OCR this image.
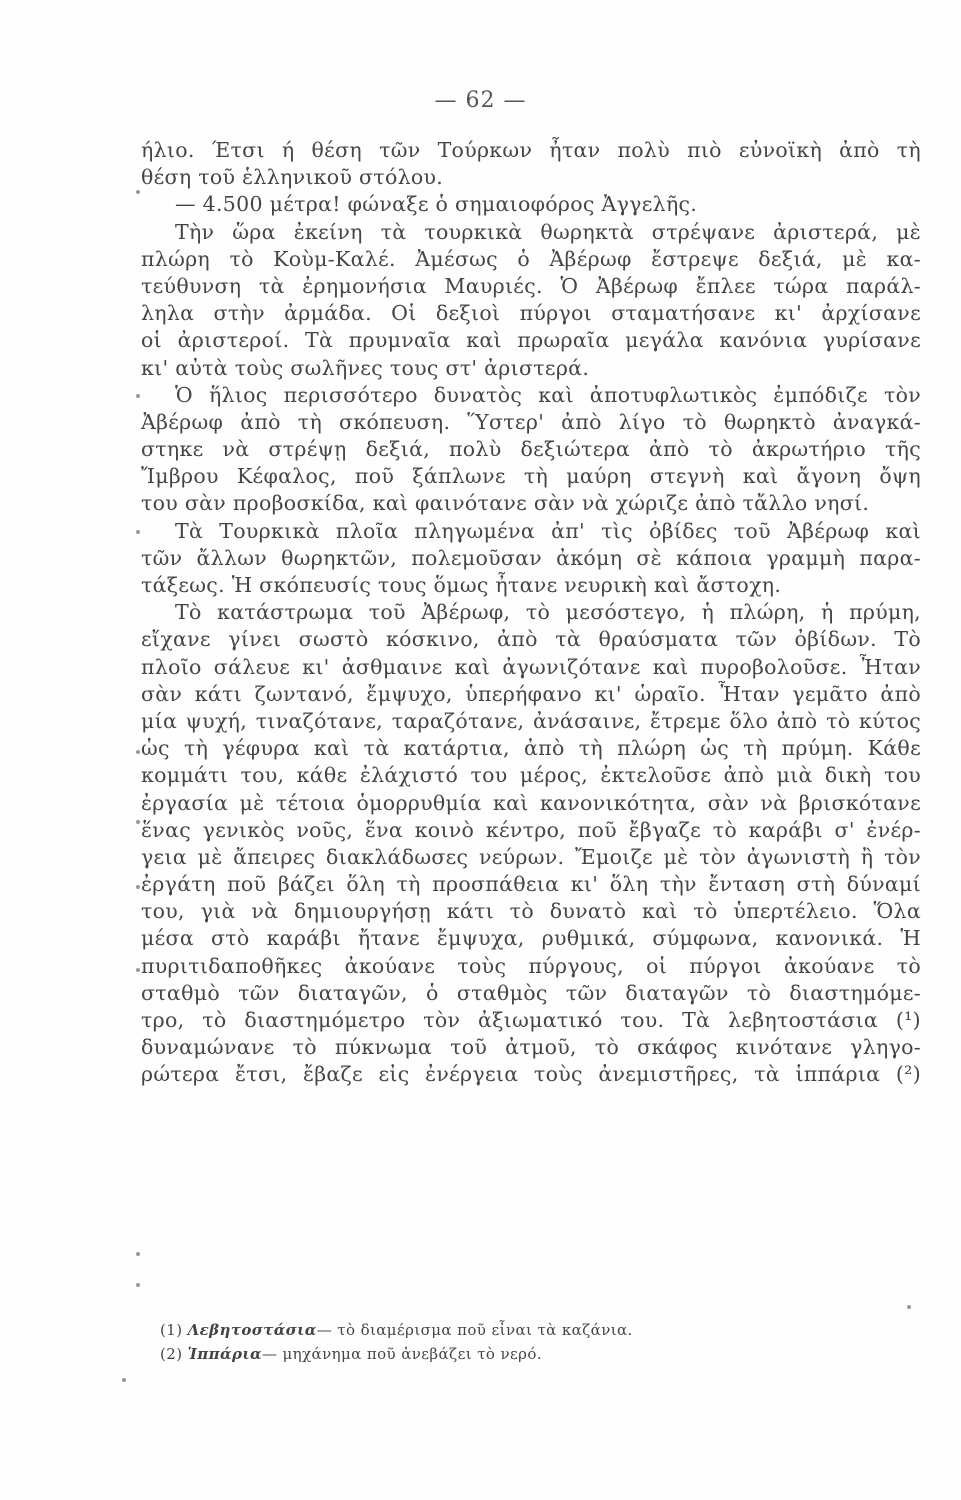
— 62 —
ήλιο. Έτσι ή θέση τῶν Τούρκων ἦταν πολὺ πιὸ εὐνοϊκὴ ἀπὸ τὴ
θέση τοῦ ἑλληνικοῦ στόλου.
— 4.500 μέτρα! φώναξε ὁ σημαιοφόρος Ἀγγελῆς.
Τὴν ὥρα ἐκείνη τὰ τουρκικὰ θωρηκτὰ στρέψανε ἀριστερά, μὲ
πλώρη τὸ Κοὺμ-Καλέ. Ἀμέσως ὁ Ἀβέρωφ ἔστρεψε δεξιά, μὲ κα-
τεύθυνση τὰ ἐρημονήσια Μαυριές. Ὁ Ἀβέρωφ ἔπλεε τώρα παράλ-
ληλα στὴν ἀρμάδα. Οἱ δεξιοὶ πύργοι σταματήσανε κι' ἀρχίσανε
οἱ ἀριστεροί. Τὰ πρυμναῖα καὶ πρωραῖα μεγάλα κανόνια γυρίσανε
κι' αὐτὰ τοὺς σωλῆνες τους στ' ἀριστερά.
Ὁ ἥλιος περισσότερο δυνατὸς καὶ ἀποτυφλωτικὸς ἐμπόδιζε τὸν
Ἀβέρωφ ἀπὸ τὴ σκόπευση. Ὕστερ' ἀπὸ λίγο τὸ θωρηκτὸ ἀναγκά-
στηκε νὰ στρέψῃ δεξιά, πολὺ δεξιώτερα ἀπὸ τὸ ἀκρωτήριο τῆς
Ἴμβρου Κέφαλος, ποῦ ξάπλωνε τὴ μαύρη στεγνὴ καὶ ἄγονη ὄψη
του σὰν προβοσκίδα, καὶ φαινότανε σὰν νὰ χώριζε ἀπὸ τἄλλο νησί.
Τὰ Τουρκικὰ πλοῖα πληγωμένα ἀπ' τὶς ὀβίδες τοῦ Ἀβέρωφ καὶ
τῶν ἄλλων θωρηκτῶν, πολεμοῦσαν ἀκόμη σὲ κάποια γραμμὴ παρα-
τάξεως. Ἡ σκόπευσίς τους ὅμως ἦτανε νευρικὴ καὶ ἄστοχη.
Τὸ κατάστρωμα τοῦ Ἀβέρωφ, τὸ μεσόστεγο, ἡ πλώρη, ἡ πρύμη,
εἴχανε γίνει σωστὸ κόσκινο, ἀπὸ τὰ θραύσματα τῶν ὀβίδων. Τὸ
πλοῖο σάλευε κι' ἀσθμαινε καὶ ἀγωνιζότανε καὶ πυροβολοῦσε. Ἦταν
σὰν κάτι ζωντανό, ἔμψυχο, ὑπερήφανο κι' ὡραῖο. Ἦταν γεμᾶτο ἀπὸ
μία ψυχή, τιναζότανε, ταραζότανε, ἀνάσαινε, ἔτρεμε ὅλο ἀπὸ τὸ κύτος
ὡς τὴ γέφυρα καὶ τὰ κατάρτια, ἀπὸ τὴ πλώρη ὡς τὴ πρύμη. Κάθε
κομμάτι του, κάθε ἐλάχιστό του μέρος, ἐκτελοῦσε ἀπὸ μιὰ δικὴ του
ἐργασία μὲ τέτοια ὁμορρυθμία καὶ κανονικότητα, σὰν νὰ βρισκότανε
ἕνας γενικὸς νοῦς, ἕνα κοινὸ κέντρο, ποῦ ἔβγαζε τὸ καράβι σ' ἐνέρ-
γεια μὲ ἄπειρες διακλάδωσες νεύρων. Ἔμοιζε μὲ τὸν ἀγωνιστὴ ἢ τὸν
ἐργάτη ποῦ βάζει ὅλη τὴ προσπάθεια κι' ὅλη τὴν ἔνταση στὴ δύναμί
του, γιὰ νὰ δημιουργήσῃ κάτι τὸ δυνατὸ καὶ τὸ ὑπερτέλειο. Ὅλα
μέσα στὸ καράβι ἤτανε ἔμψυχα, ρυθμικά, σύμφωνα, κανονικά. Ἡ
πυριτιδαποθῆκες ἀκούανε τοὺς πύργους, οἱ πύργοι ἀκούανε τὸ
σταθμὸ τῶν διαταγῶν, ὁ σταθμὸς τῶν διαταγῶν τὸ διαστημόμε-
τρο, τὸ διαστημόμετρο τὸν ἀξιωματικό του. Τὰ λεβητοστάσια (¹)
δυναμώνανε τὸ πύκνωμα τοῦ ἀτμοῦ, τὸ σκάφος κινότανε γληγο-
ρώτερα ἔτσι, ἔβαζε εἰς ἐνέργεια τοὺς ἀνεμιστῆρες, τὰ ἱππάρια (²)
(1) Λεβητοστάσια— τὸ διαμέρισμα ποῦ εἶναι τὰ καζάνια.
(2) Ἱππάρια— μηχάνημα ποῦ ἀνεβάζει τὸ νερό.
